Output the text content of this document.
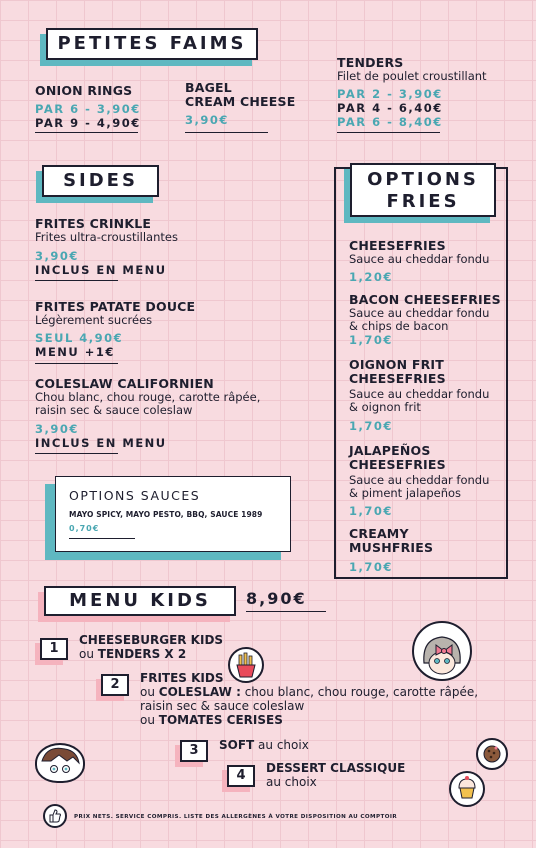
PETITES FAIMS
ONION RINGS
PAR 6 - 3,90€
PAR 9 - 4,90€
BAGEL
CREAM CHEESE
3,90€
TENDERS
Filet de poulet croustillant
PAR 2 - 3,90€
PAR 4 - 6,40€
PAR 6 - 8,40€
SIDES
FRITES CRINKLE
Frites ultra-croustillantes
3,90€
INCLUS EN MENU
FRITES PATATE DOUCE
Légèrement sucrées
SEUL 4,90€
MENU +1€
COLESLAW CALIFORNIEN
Chou blanc, chou rouge, carotte râpée,
raisin sec & sauce coleslaw
3,90€
INCLUS EN MENU
OPTIONS SAUCES
MAYO SPICY, MAYO PESTO, BBQ, SAUCE 1989
0,70€
OPTIONS
FRIES
CHEESEFRIES
Sauce au cheddar fondu
1,20€
BACON CHEESEFRIES
Sauce au cheddar fondu
& chips de bacon
1,70€
OIGNON FRIT
CHEESEFRIES
Sauce au cheddar fondu
& oignon frit
1,70€
JALAPEÑOS
CHEESEFRIES
Sauce au cheddar fondu
& piment jalapeños
1,70€
CREAMY
MUSHFRIES
1,70€
MENU KIDS	8,90€
1
CHEESEBURGER KIDS
ou TENDERS X 2
2	FRITES KIDS
ou COLESLAW : chou blanc, chou rouge, carotte râpée,
raisin sec & sauce coleslaw
ou TOMATES CERISES
3	SOFT au choix
4	DESSERT CLASSIQUE
au choix
PRIX NETS. SERVICE COMPRIS. LISTE DES ALLERGÈNES À VOTRE DISPOSITION AU COMPTOIR
